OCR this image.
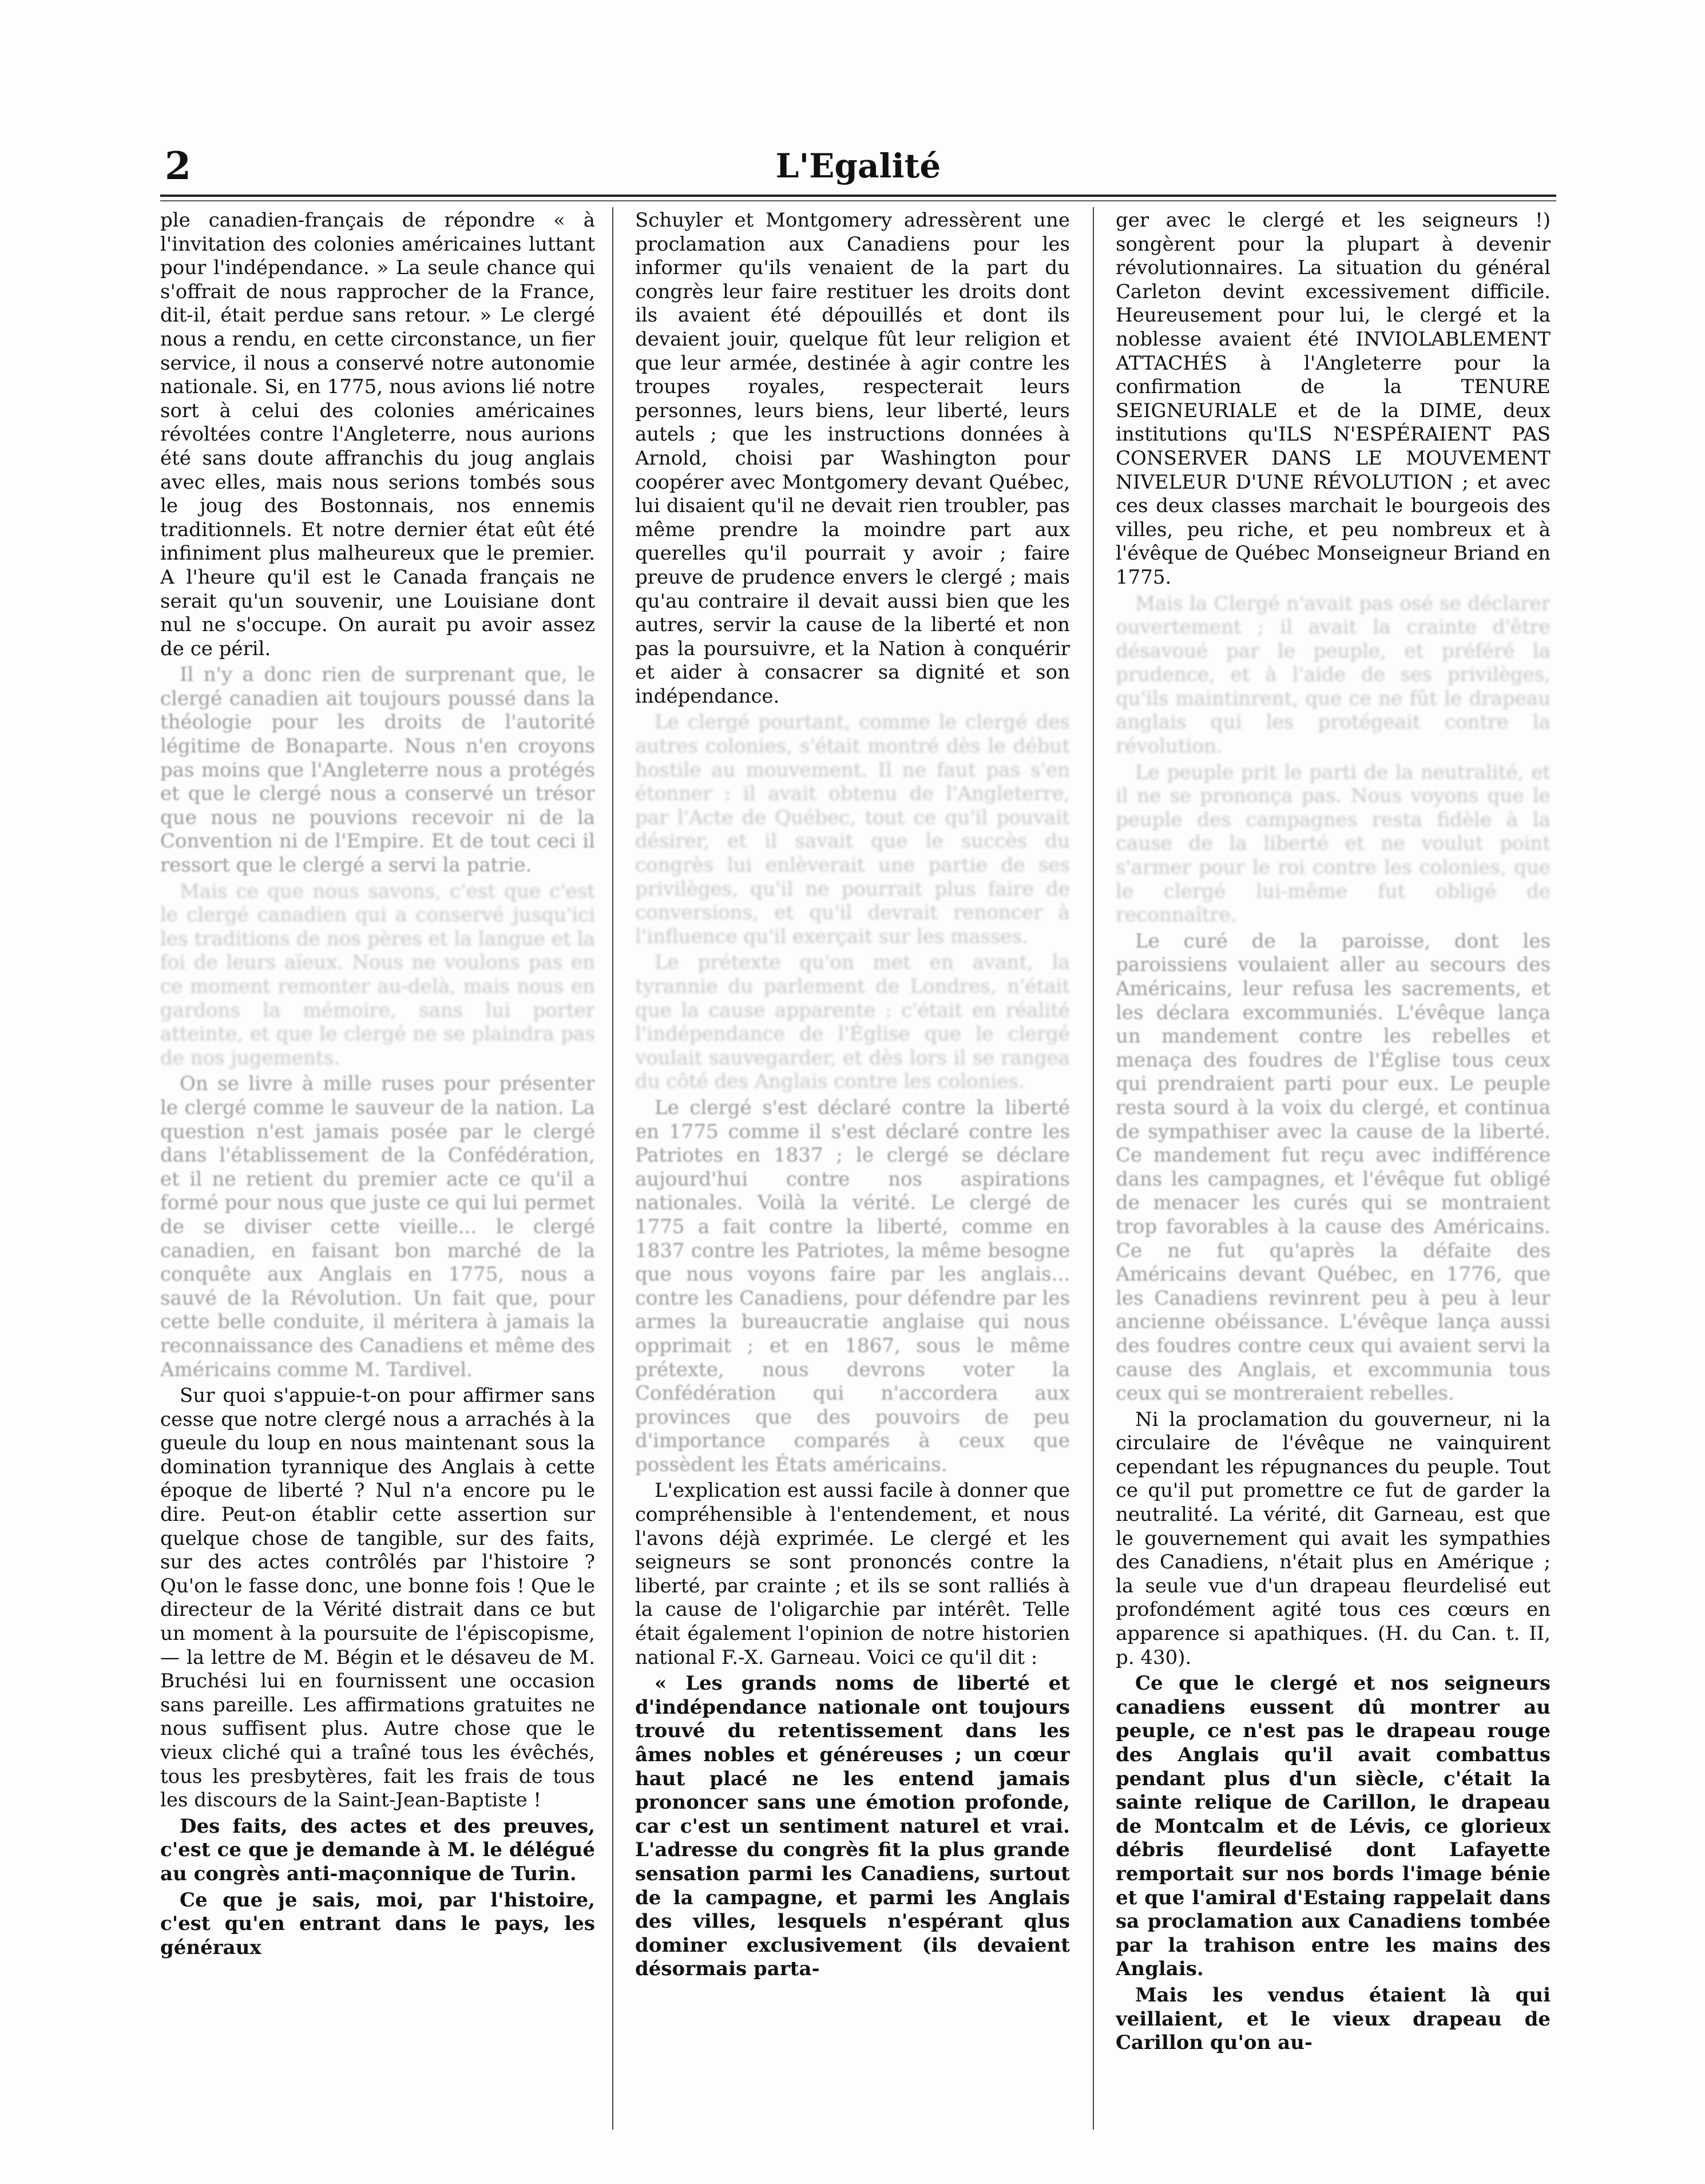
2	L'Egalité

ple canadien-français de répondre « à l'invitation des colonies américaines luttant pour l'indépendance. » La seule chance qui s'offrait de nous rapprocher de la France, dit-il, était perdue sans retour. » Le clergé nous a rendu, en cette circonstance, un fier service, il nous a conservé notre autonomie nationale. Si, en 1775, nous avions lié notre sort à celui des colonies américaines révoltées contre l'Angleterre, nous aurions été sans doute affranchis du joug anglais avec elles, mais nous serions tombés sous le joug des Bostonnais, nos ennemis traditionnels. Et notre dernier état eût été infiniment plus malheureux que le premier. A l'heure qu'il est le Canada français ne serait qu'un souvenir, une Louisiane dont nul ne s'occupe. On aurait pu avoir assez de ce péril.

Il n'y a donc rien de surprenant que, le clergé canadien ait toujours poussé dans la théologie pour les droits de l'autorité légitime de Bonaparte. Nous n'en croyons pas moins que l'Angleterre nous a protégés et que le clergé nous a conservé un trésor que nous ne pouvions recevoir ni de la Convention ni de l'Empire. Et de tout ceci il ressort que le clergé a servi la patrie.

Mais ce que nous savons, c'est que c'est le clergé canadien qui a conservé jusqu'ici les traditions de nos pères et la langue et la foi de leurs aïeux. Nous ne voulons pas en ce moment remonter au-delà, mais nous en gardons la mémoire, sans lui porter atteinte, et que le clergé ne se plaindra pas de nos jugements.

On se livre à mille ruses pour présenter le clergé comme le sauveur de la nation. La question n'est jamais posée par le clergé dans l'établissement de la Confédération, et il ne retient du premier acte ce qu'il a formé pour nous que juste ce qui lui permet de se diviser cette vieille... le clergé canadien, en faisant bon marché de la conquête aux Anglais en 1775, nous a sauvé de la Révolution. Un fait que, pour cette belle conduite, il méritera à jamais la reconnaissance des Canadiens et même des Américains comme M. Tardivel.

Sur quoi s'appuie-t-on pour affirmer sans cesse que notre clergé nous a arrachés à la gueule du loup en nous maintenant sous la domination tyrannique des Anglais à cette époque de liberté ? Nul n'a encore pu le dire. Peut-on établir cette assertion sur quelque chose de tangible, sur des faits, sur des actes contrôlés par l'histoire ? Qu'on le fasse donc, une bonne fois ! Que le directeur de la Vérité distrait dans ce but un moment à la poursuite de l'épiscopisme, — la lettre de M. Bégin et le désaveu de M. Bruchési lui en fournissent une occasion sans pareille. Les affirmations gratuites ne nous suffisent plus. Autre chose que le vieux cliché qui a traîné tous les évêchés, tous les presbytères, fait les frais de tous les discours de la Saint-Jean-Baptiste !

Des faits, des actes et des preuves, c'est ce que je demande à M. le délégué au congrès anti-maçonnique de Turin.

Ce que je sais, moi, par l'histoire, c'est qu'en entrant dans le pays, les généraux

Schuyler et Montgomery adressèrent une proclamation aux Canadiens pour les informer qu'ils venaient de la part du congrès leur faire restituer les droits dont ils avaient été dépouillés et dont ils devaient jouir, quelque fût leur religion et que leur armée, destinée à agir contre les troupes royales, respecterait leurs personnes, leurs biens, leur liberté, leurs autels ; que les instructions données à Arnold, choisi par Washington pour coopérer avec Montgomery devant Québec, lui disaient qu'il ne devait rien troubler, pas même prendre la moindre part aux querelles qu'il pourrait y avoir ; faire preuve de prudence envers le clergé ; mais qu'au contraire il devait aussi bien que les autres, servir la cause de la liberté et non pas la poursuivre, et la Nation à conquérir et aider à consacrer sa dignité et son indépendance.

Le clergé pourtant, comme le clergé des autres colonies, s'était montré dès le début hostile au mouvement. Il ne faut pas s'en étonner : il avait obtenu de l'Angleterre, par l'Acte de Québec, tout ce qu'il pouvait désirer, et il savait que le succès du congrès lui enlèverait une partie de ses privilèges, qu'il ne pourrait plus faire de conversions, et qu'il devrait renoncer à l'influence qu'il exerçait sur les masses.

Le prétexte qu'on met en avant, la tyrannie du parlement de Londres, n'était que la cause apparente : c'était en réalité l'indépendance de l'Église que le clergé voulait sauvegarder, et dès lors il se rangea du côté des Anglais contre les colonies.

Le clergé s'est déclaré contre la liberté en 1775 comme il s'est déclaré contre les Patriotes en 1837 ; le clergé se déclare aujourd'hui contre nos aspirations nationales. Voilà la vérité. Le clergé de 1775 a fait contre la liberté, comme en 1837 contre les Patriotes, la même besogne que nous voyons faire par les anglais... contre les Canadiens, pour défendre par les armes la bureaucratie anglaise qui nous opprimait ; et en 1867, sous le même prétexte, nous devrons voter la Confédération qui n'accordera aux provinces que des pouvoirs de peu d'importance comparés à ceux que possèdent les États américains.

L'explication est aussi facile à donner que compréhensible à l'entendement, et nous l'avons déjà exprimée. Le clergé et les seigneurs se sont prononcés contre la liberté, par crainte ; et ils se sont ralliés à la cause de l'oligarchie par intérêt. Telle était également l'opinion de notre historien national F.-X. Garneau. Voici ce qu'il dit :

« Les grands noms de liberté et d'indépendance nationale ont toujours trouvé du retentissement dans les âmes nobles et généreuses ; un cœur haut placé ne les entend jamais prononcer sans une émotion profonde, car c'est un sentiment naturel et vrai. L'adresse du congrès fit la plus grande sensation parmi les Canadiens, surtout de la campagne, et parmi les Anglais des villes, lesquels n'espérant qlus dominer exclusivement (ils devaient désormais parta-

ger avec le clergé et les seigneurs !) songèrent pour la plupart à devenir révolutionnaires. La situation du général Carleton devint excessivement difficile. Heureusement pour lui, le clergé et la noblesse avaient été INVIOLABLEMENT ATTACHÉS à l'Angleterre pour la confirmation de la TENURE SEIGNEURIALE et de la DIME, deux institutions qu'ILS N'ESPÉRAIENT PAS CONSERVER DANS LE MOUVEMENT NIVELEUR D'UNE RÉVOLUTION ; et avec ces deux classes marchait le bourgeois des villes, peu riche, et peu nombreux et à l'évêque de Québec Monseigneur Briand en 1775.

Mais la Clergé n'avait pas osé se déclarer ouvertement ; il avait la crainte d'être désavoué par le peuple, et préféré la prudence, et à l'aide de ses privilèges, qu'ils maintinrent, que ce ne fût le drapeau anglais qui les protégeait contre la révolution.

Le peuple prit le parti de la neutralité, et il ne se prononça pas. Nous voyons que le peuple des campagnes resta fidèle à la cause de la liberté et ne voulut point s'armer pour le roi contre les colonies, que le clergé lui-même fut obligé de reconnaître.

Le curé de la paroisse, dont les paroissiens voulaient aller au secours des Américains, leur refusa les sacrements, et les déclara excommuniés. L'évêque lança un mandement contre les rebelles et menaça des foudres de l'Église tous ceux qui prendraient parti pour eux. Le peuple resta sourd à la voix du clergé, et continua de sympathiser avec la cause de la liberté. Ce mandement fut reçu avec indifférence dans les campagnes, et l'évêque fut obligé de menacer les curés qui se montraient trop favorables à la cause des Américains. Ce ne fut qu'après la défaite des Américains devant Québec, en 1776, que les Canadiens revinrent peu à peu à leur ancienne obéissance. L'évêque lança aussi des foudres contre ceux qui avaient servi la cause des Anglais, et excommunia tous ceux qui se montreraient rebelles.

Ni la proclamation du gouverneur, ni la circulaire de l'évêque ne vainquirent cependant les répugnances du peuple. Tout ce qu'il put promettre ce fut de garder la neutralité. La vérité, dit Garneau, est que le gouvernement qui avait les sympathies des Canadiens, n'était plus en Amérique ; la seule vue d'un drapeau fleurdelisé eut profondément agité tous ces cœurs en apparence si apathiques. (H. du Can. t. II, p. 430).

Ce que le clergé et nos seigneurs canadiens eussent dû montrer au peuple, ce n'est pas le drapeau rouge des Anglais qu'il avait combattus pendant plus d'un siècle, c'était la sainte relique de Carillon, le drapeau de Montcalm et de Lévis, ce glorieux débris fleurdelisé dont Lafayette remportait sur nos bords l'image bénie et que l'amiral d'Estaing rappelait dans sa proclamation aux Canadiens tombée par la trahison entre les mains des Anglais.

Mais les vendus étaient là qui veillaient, et le vieux drapeau de Carillon qu'on au-
